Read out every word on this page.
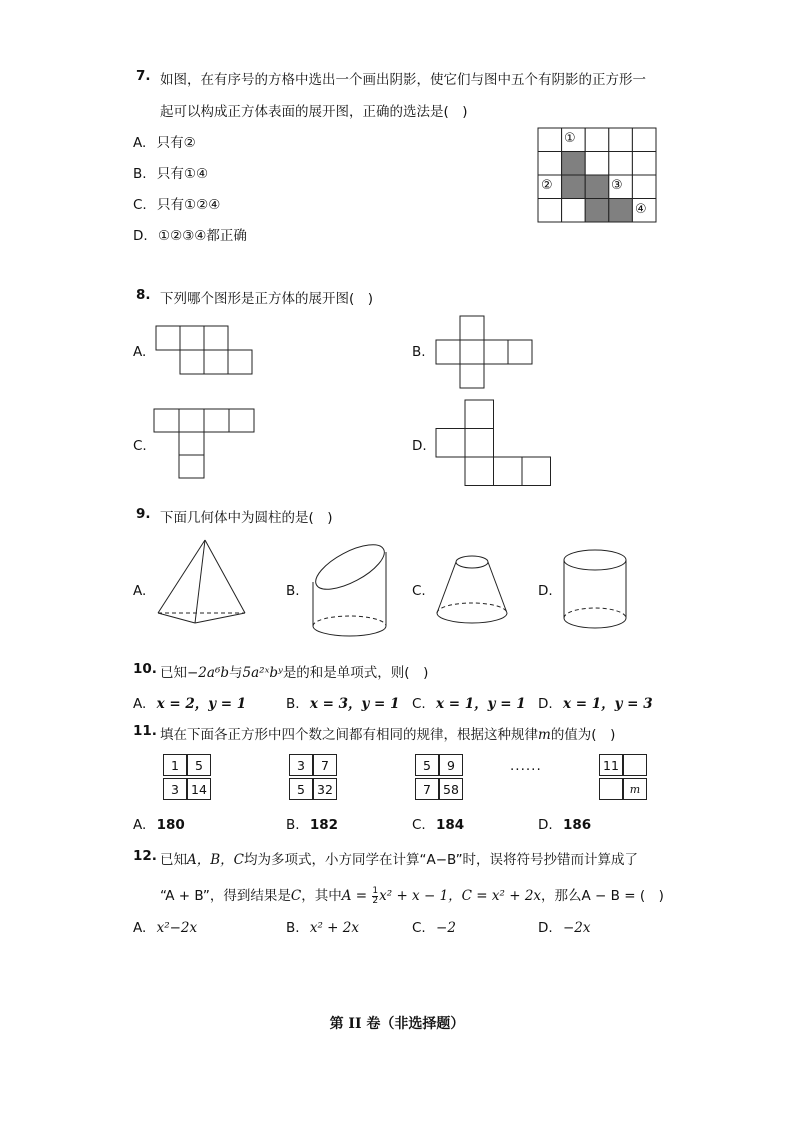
7. 如图，在有序号的方格中选出一个画出阴影，使它们与图中五个有阴影的正方形一
起可以构成正方体表面的展开图，正确的选法是(　)
A. 只有②
B. 只有①④
C. 只有①②④
D. ①②③④都正确
①
②	③
④
8. 下列哪个图形是正方体的展开图(　)
A.	B.
C.	D.
9. 下面几何体中为圆柱的是(　)
A.	B.	C.	D.
10. 已知−2a⁶b与5a²ˣbʸ是的和是单项式，则(　)
A. x = 2，y = 1	B. x = 3，y = 1 C. x = 1，y = 1 D. x = 1，y = 3
11. 填在下面各正方形中四个数之间都有相同的规律，根据这种规律m的值为(　)
1	5
3 14
3	7
5 32
5	9
7 58
······	11
m
A. 180	B. 182	C. 184	D. 186
12. 已知A，B，C均为多项式，小方同学在计算“A−B”时，误将符号抄错而计算成了
“A + B”，得到结果是C，其中$A = \frac{1}{2} x^2 + x - 1$，C = x² + 2x，那么A − B = (　)
A. x²−2x	B. x² + 2x	C. −2	D. −2x
第 II 卷（非选择题）
